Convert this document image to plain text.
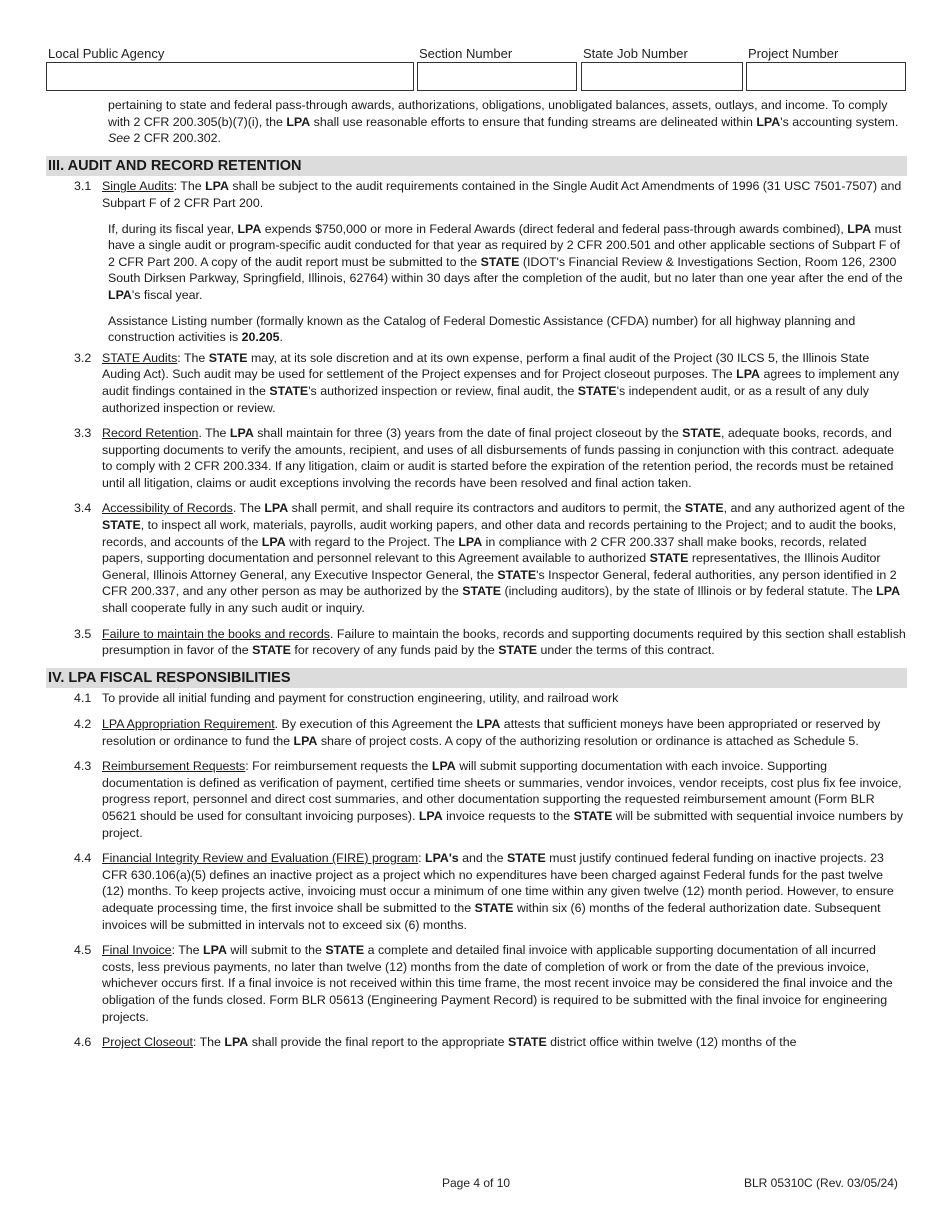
Local Public Agency	Section Number	State Job Number	Project Number
pertaining to state and federal pass-through awards, authorizations, obligations, unobligated balances, assets, outlays, and income. To comply with 2 CFR 200.305(b)(7)(i), the LPA shall use reasonable efforts to ensure that funding streams are delineated within LPA's accounting system. See 2 CFR 200.302.
III. AUDIT AND RECORD RETENTION
3.1 Single Audits: The LPA shall be subject to the audit requirements contained in the Single Audit Act Amendments of 1996 (31 USC 7501-7507) and Subpart F of 2 CFR Part 200.
If, during its fiscal year, LPA expends $750,000 or more in Federal Awards (direct federal and federal pass-through awards combined), LPA must have a single audit or program-specific audit conducted for that year as required by 2 CFR 200.501 and other applicable sections of Subpart F of 2 CFR Part 200. A copy of the audit report must be submitted to the STATE (IDOT's Financial Review & Investigations Section, Room 126, 2300 South Dirksen Parkway, Springfield, Illinois, 62764) within 30 days after the completion of the audit, but no later than one year after the end of the LPA's fiscal year.
Assistance Listing number (formally known as the Catalog of Federal Domestic Assistance (CFDA) number) for all highway planning and construction activities is 20.205.
3.2 STATE Audits: The STATE may, at its sole discretion and at its own expense, perform a final audit of the Project (30 ILCS 5, the Illinois State Auding Act). Such audit may be used for settlement of the Project expenses and for Project closeout purposes. The LPA agrees to implement any audit findings contained in the STATE's authorized inspection or review, final audit, the STATE's independent audit, or as a result of any duly authorized inspection or review.
3.3 Record Retention. The LPA shall maintain for three (3) years from the date of final project closeout by the STATE, adequate books, records, and supporting documents to verify the amounts, recipient, and uses of all disbursements of funds passing in conjunction with this contract. adequate to comply with 2 CFR 200.334. If any litigation, claim or audit is started before the expiration of the retention period, the records must be retained until all litigation, claims or audit exceptions involving the records have been resolved and final action taken.
3.4 Accessibility of Records. The LPA shall permit, and shall require its contractors and auditors to permit, the STATE, and any authorized agent of the STATE, to inspect all work, materials, payrolls, audit working papers, and other data and records pertaining to the Project; and to audit the books, records, and accounts of the LPA with regard to the Project. The LPA in compliance with 2 CFR 200.337 shall make books, records, related papers, supporting documentation and personnel relevant to this Agreement available to authorized STATE representatives, the Illinois Auditor General, Illinois Attorney General, any Executive Inspector General, the STATE's Inspector General, federal authorities, any person identified in 2 CFR 200.337, and any other person as may be authorized by the STATE (including auditors), by the state of Illinois or by federal statute. The LPA shall cooperate fully in any such audit or inquiry.
3.5 Failure to maintain the books and records. Failure to maintain the books, records and supporting documents required by this section shall establish presumption in favor of the STATE for recovery of any funds paid by the STATE under the terms of this contract.
IV. LPA FISCAL RESPONSIBILITIES
4.1 To provide all initial funding and payment for construction engineering, utility, and railroad work
4.2 LPA Appropriation Requirement. By execution of this Agreement the LPA attests that sufficient moneys have been appropriated or reserved by resolution or ordinance to fund the LPA share of project costs. A copy of the authorizing resolution or ordinance is attached as Schedule 5.
4.3 Reimbursement Requests: For reimbursement requests the LPA will submit supporting documentation with each invoice. Supporting documentation is defined as verification of payment, certified time sheets or summaries, vendor invoices, vendor receipts, cost plus fix fee invoice, progress report, personnel and direct cost summaries, and other documentation supporting the requested reimbursement amount (Form BLR 05621 should be used for consultant invoicing purposes). LPA invoice requests to the STATE will be submitted with sequential invoice numbers by project.
4.4 Financial Integrity Review and Evaluation (FIRE) program: LPA's and the STATE must justify continued federal funding on inactive projects. 23 CFR 630.106(a)(5) defines an inactive project as a project which no expenditures have been charged against Federal funds for the past twelve (12) months. To keep projects active, invoicing must occur a minimum of one time within any given twelve (12) month period. However, to ensure adequate processing time, the first invoice shall be submitted to the STATE within six (6) months of the federal authorization date. Subsequent invoices will be submitted in intervals not to exceed six (6) months.
4.5 Final Invoice: The LPA will submit to the STATE a complete and detailed final invoice with applicable supporting documentation of all incurred costs, less previous payments, no later than twelve (12) months from the date of completion of work or from the date of the previous invoice, whichever occurs first. If a final invoice is not received within this time frame, the most recent invoice may be considered the final invoice and the obligation of the funds closed. Form BLR 05613 (Engineering Payment Record) is required to be submitted with the final invoice for engineering projects.
4.6 Project Closeout: The LPA shall provide the final report to the appropriate STATE district office within twelve (12) months of the
Page 4 of 10	BLR 05310C (Rev. 03/05/24)
